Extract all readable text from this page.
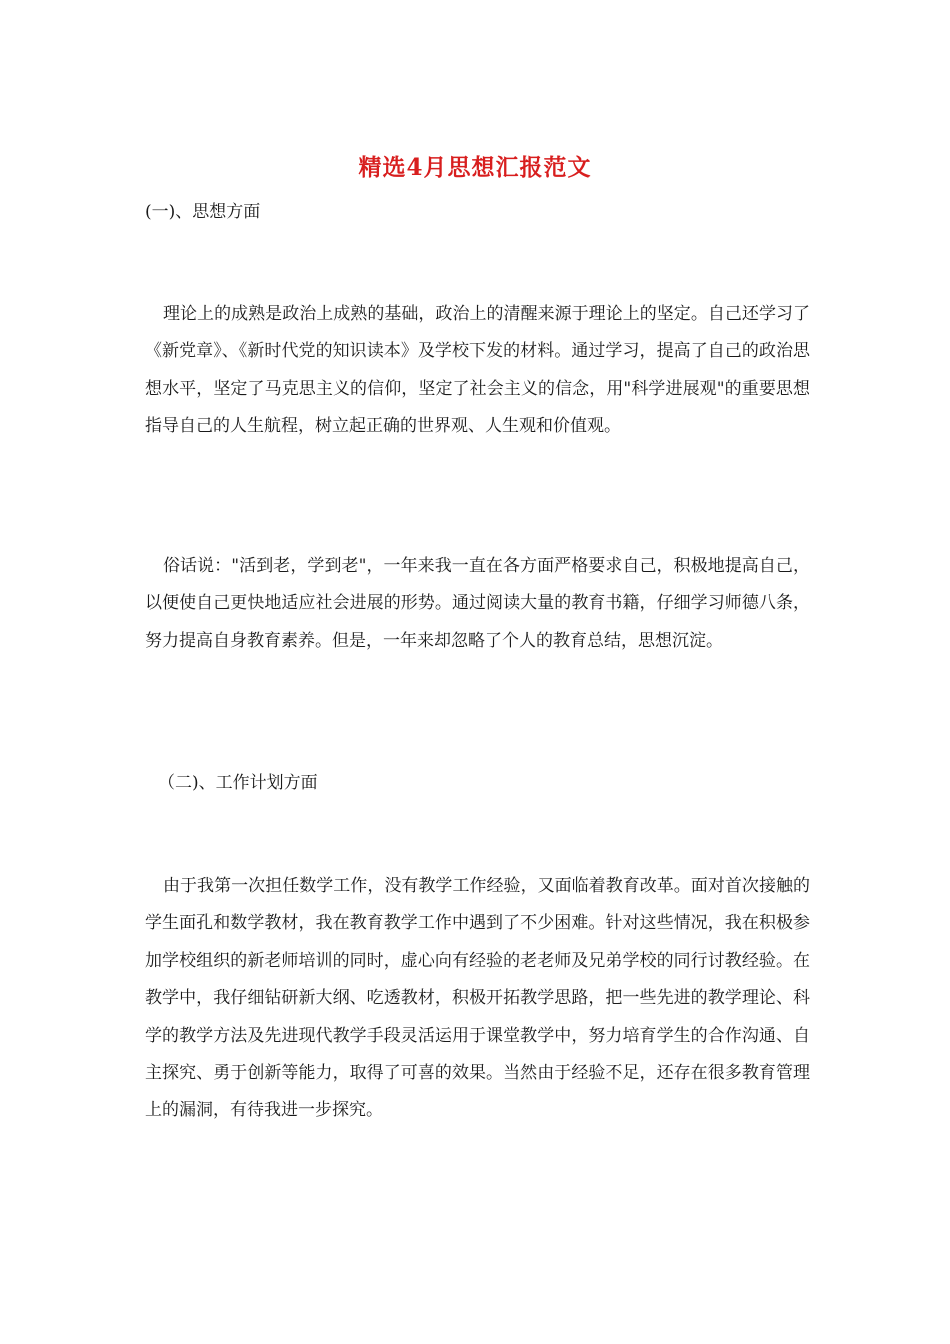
精选4月思想汇报范文
(一)、思想方面
理论上的成熟是政治上成熟的基础，政治上的清醒来源于理论上的坚定。自己还学习了《新党章》、《新时代党的知识读本》及学校下发的材料。通过学习，提高了自己的政治思想水平，坚定了马克思主义的信仰，坚定了社会主义的信念，用"科学进展观"的重要思想指导自己的人生航程，树立起正确的世界观、人生观和价值观。
俗话说："活到老，学到老"，一年来我一直在各方面严格要求自己，积极地提高自己，以便使自己更快地适应社会进展的形势。通过阅读大量的教育书籍，仔细学习师德八条，努力提高自身教育素养。但是，一年来却忽略了个人的教育总结，思想沉淀。
（二)、工作计划方面
由于我第一次担任数学工作，没有教学工作经验，又面临着教育改革。面对首次接触的学生面孔和数学教材，我在教育教学工作中遇到了不少困难。针对这些情况，我在积极参加学校组织的新老师培训的同时，虚心向有经验的老老师及兄弟学校的同行讨教经验。在教学中，我仔细钻研新大纲、吃透教材，积极开拓教学思路，把一些先进的教学理论、科学的教学方法及先进现代教学手段灵活运用于课堂教学中，努力培育学生的合作沟通、自主探究、勇于创新等能力，取得了可喜的效果。当然由于经验不足，还存在很多教育管理上的漏洞，有待我进一步探究。
